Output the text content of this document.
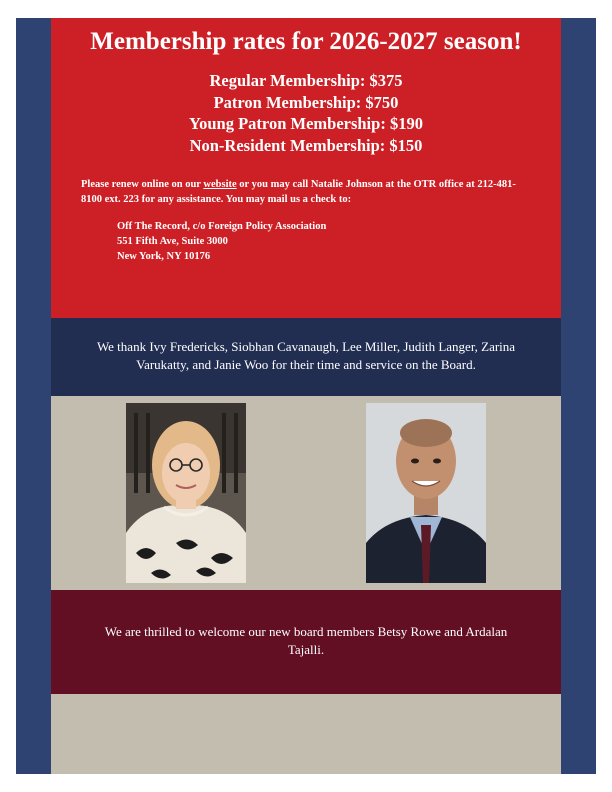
Membership rates for 2026-2027 season!
Regular Membership: $375
Patron Membership: $750
Young Patron Membership: $190
Non-Resident Membership: $150

Please renew online on our website or you may call Natalie Johnson at the OTR office at 212-481-8100 ext. 223 for any assistance. You may mail us a check to:

Off The Record, c/o Foreign Policy Association
551 Fifth Ave, Suite 3000
New York, NY 10176

We thank Ivy Fredericks, Siobhan Cavanaugh, Lee Miller, Judith Langer, Zarina Varukatty, and Janie Woo for their time and service on the Board.

We are thrilled to welcome our new board members Betsy Rowe and Ardalan Tajalli.
